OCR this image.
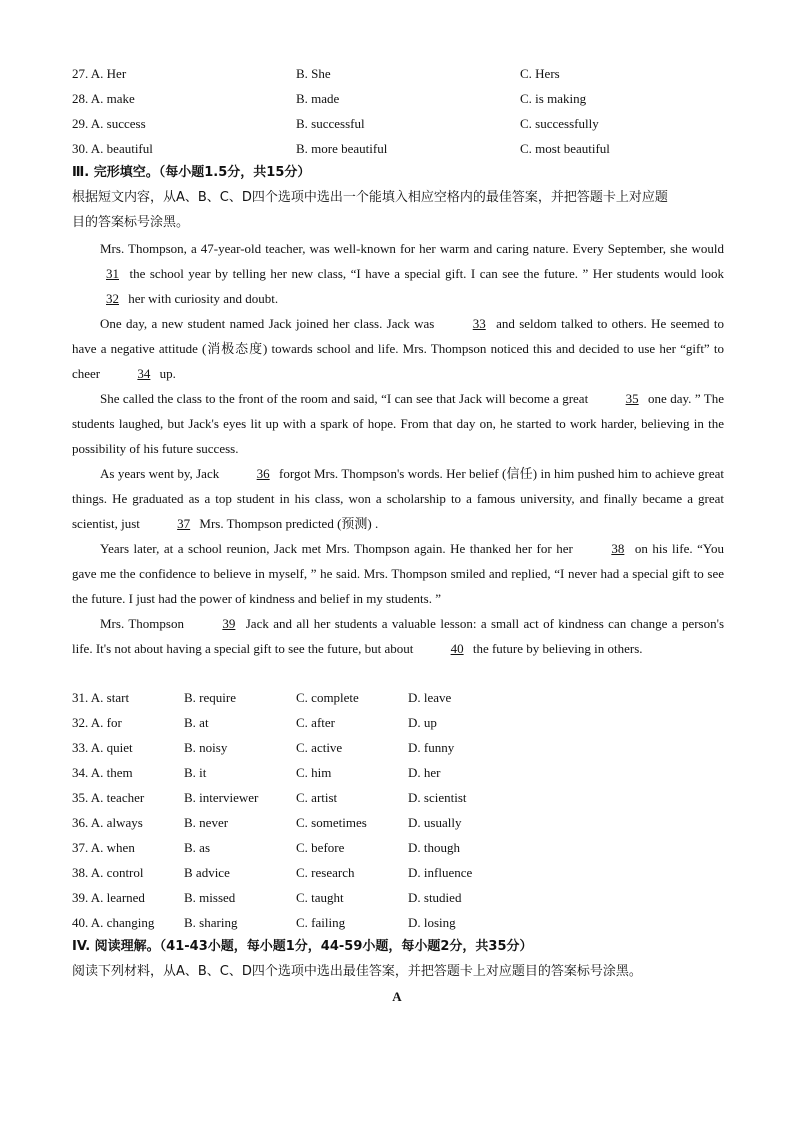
27. A. Her	B. She	C. Hers
28. A. make	B. made	C. is making
29. A. success	B. successful	C. successfully
30. A. beautiful	B. more beautiful	C. most beautiful
Ⅲ. 完形填空。（每小题1.5分，共15分）
根据短文内容，从A、B、C、D四个选项中选出一个能填入相应空格内的最佳答案，并把答题卡上对应题
目的答案标号涂黑。

Mrs. Thompson, a 47-year-old teacher, was well-known for her warm and caring nature. Every September, she would 31 the school year by telling her new class, “I have a special gift. I can see the future. ” Her students would look 32 her with curiosity and doubt.

One day, a new student named Jack joined her class. Jack was	33 and seldom talked to others. He seemed to have a negative attitude (消极态度) towards school and life. Mrs. Thompson noticed this and decided to use her “gift” to cheer	34 up.

She called the class to the front of the room and said, “I can see that Jack will become a great	35 one day. ” The students laughed, but Jack's eyes lit up with a spark of hope. From that day on, he started to work harder, believing in the possibility of his future success.

As years went by, Jack	36 forgot Mrs. Thompson's words. Her belief (信任) in him pushed him to achieve great things. He graduated as a top student in his class, won a scholarship to a famous university, and finally became a great scientist, just	37 Mrs. Thompson predicted (预测) .

Years later, at a school reunion, Jack met Mrs. Thompson again. He thanked her for her	38 on his life. “You gave me the confidence to believe in myself, ” he said. Mrs. Thompson smiled and replied, “I never had a special gift to see the future. I just had the power of kindness and belief in my students. ”

Mrs. Thompson	39 Jack and all her students a valuable lesson: a small act of kindness can change a person's life. It's not about having a special gift to see the future, but about	40 the future by believing in others.

31. A. start	B. require	C. complete	D. leave
32. A. for	B. at	C. after	D. up
33. A. quiet	B. noisy	C. active	D. funny
34. A. them	B. it	C. him	D. her
35. A. teacher	B. interviewer	C. artist	D. scientist
36. A. always	B. never	C. sometimes	D. usually
37. A. when	B. as	C. before	D. though
38. A. control	B advice	C. research	D. influence
39. A. learned	B. missed	C. taught	D. studied
40. A. changing B. sharing	C. failing	D. losing
IV. 阅读理解。（41-43小题，每小题1分，44-59小题，每小题2分，共35分）
阅读下列材料，从A、B、C、D四个选项中选出最佳答案，并把答题卡上对应题目的答案标号涂黑。
A
